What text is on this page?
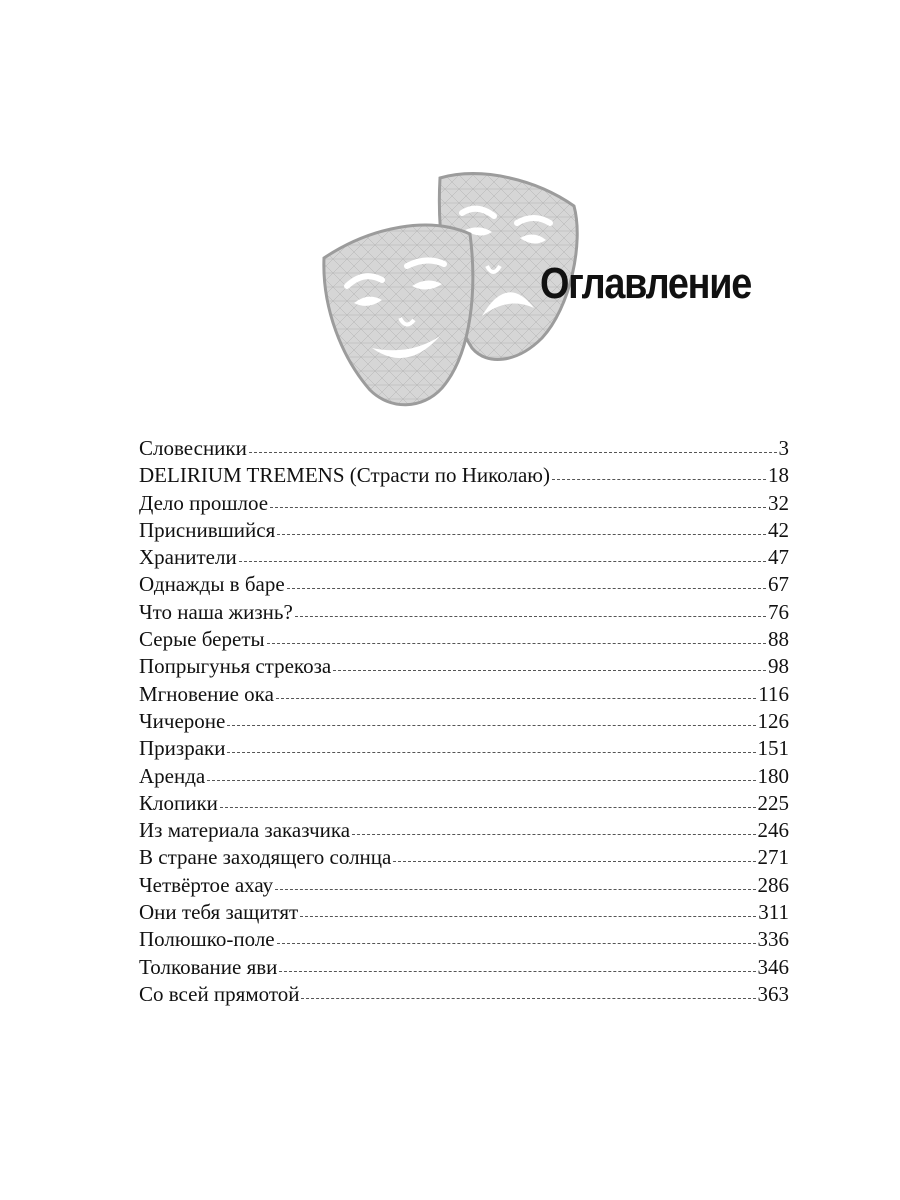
Оглавление
Словесники	3
DELIRIUM TREMENS (Страсти по Николаю)	18
Дело прошлое	32
Приснившийся	42
Хранители	47
Однажды в баре	67
Что наша жизнь?	76
Серые береты	88
Попрыгунья стрекоза	98
Мгновение ока	116
Чичероне	126
Призраки	151
Аренда	180
Клопики	225
Из материала заказчика	246
В стране заходящего солнца	271
Четвёртое ахау	286
Они тебя защитят	311
Полюшко-поле	336
Толкование яви	346
Со всей прямотой	363
